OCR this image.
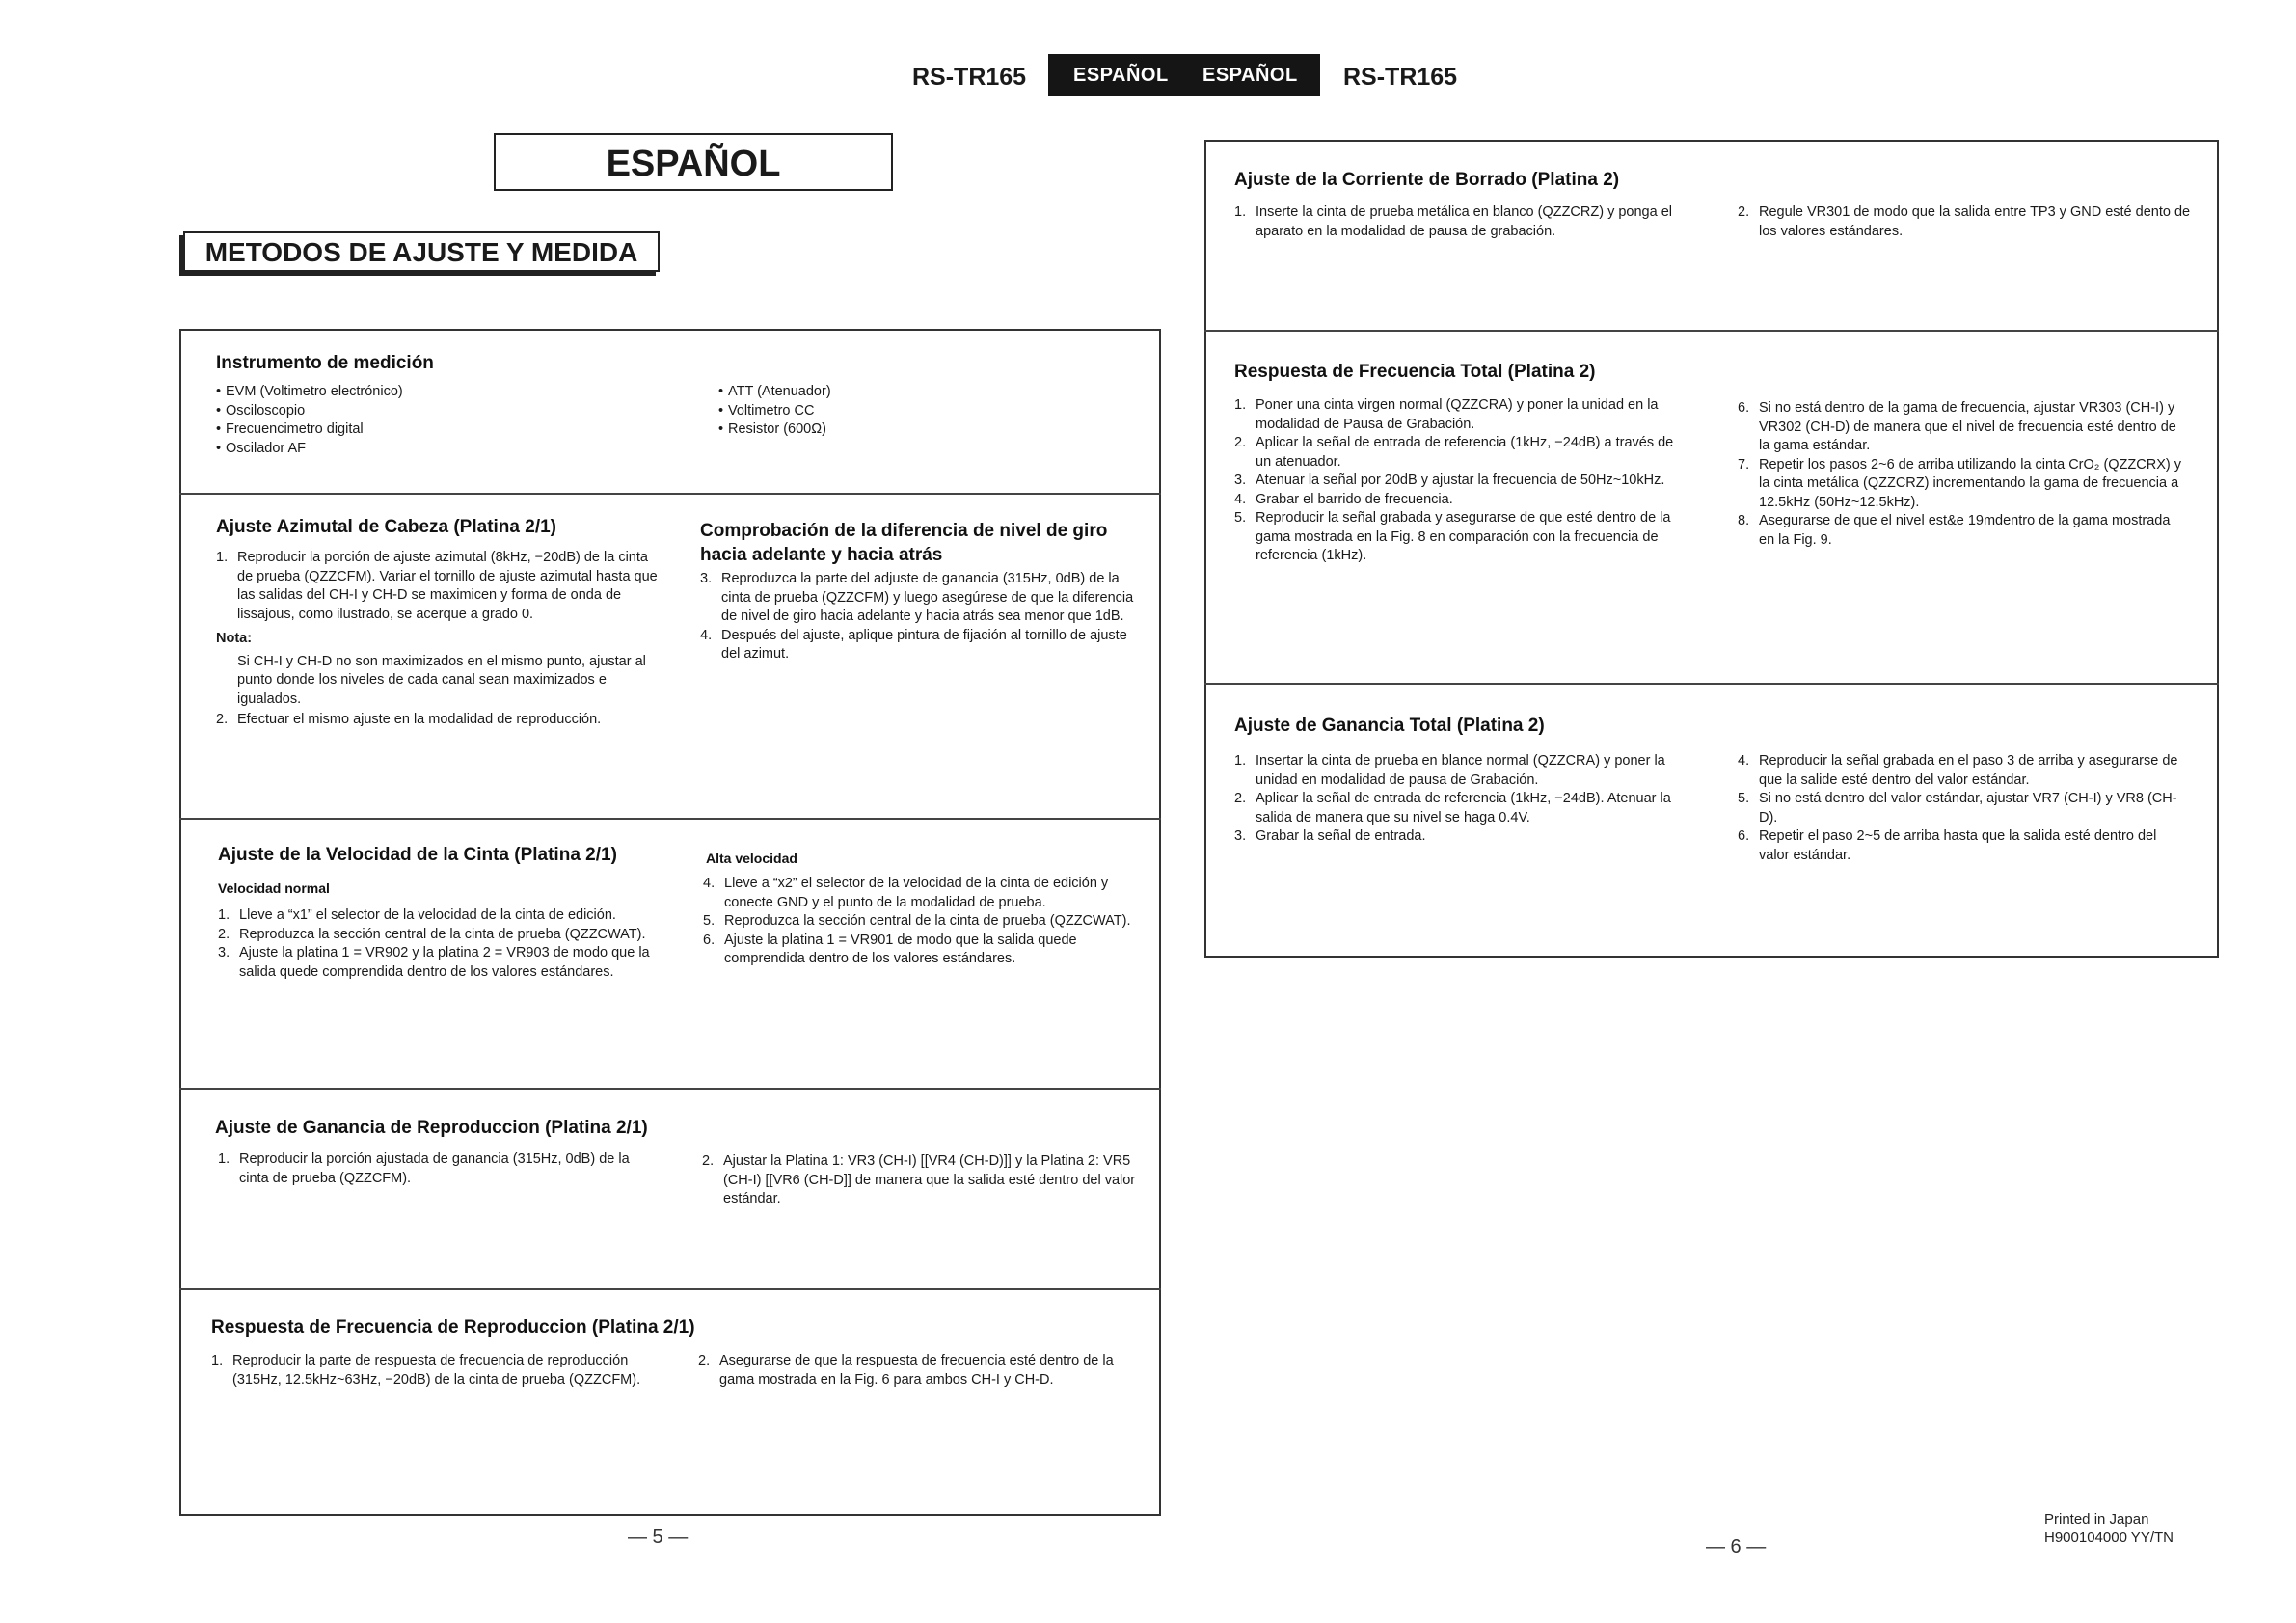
RS-TR165 ESPAÑOL ESPAÑOL RS-TR165
ESPAÑOL
METODOS DE AJUSTE Y MEDIDA
Instrumento de medición
• EVM (Voltimetro electrónico)
• Osciloscopio
• Frecuencimetro digital
• Oscilador AF
• ATT (Atenuador)
• Voltimetro CC
• Resistor (600Ω)
Ajuste Azimutal de Cabeza (Platina 2/1)
1. Reproducir la porción de ajuste azimutal (8kHz, −20dB) de la cinta de prueba (QZZCFM). Variar el tornillo de ajuste azimutal hasta que las salidas del CH-I y CH-D se maximicen y forma de onda de lissajous, como ilustrado, se acerque a grado 0.
Nota:
Si CH-I y CH-D no son maximizados en el mismo punto, ajustar al punto donde los niveles de cada canal sean maximizados e igualados.
2. Efectuar el mismo ajuste en la modalidad de reproducción.
Comprobación de la diferencia de nivel de giro hacia adelante y hacia atrás
3. Reproduzca la parte del adjuste de ganancia (315Hz, 0dB) de la cinta de prueba (QZZCFM) y luego asegúrese de que la diferencia de nivel de giro hacia adelante y hacia atrás sea menor que 1dB.
4. Después del ajuste, aplique pintura de fijación al tornillo de ajuste del azimut.
Ajuste de la Velocidad de la Cinta (Platina 2/1)
Velocidad normal
1. Lleve a “x1” el selector de la velocidad de la cinta de edición.
2. Reproduzca la sección central de la cinta de prueba (QZZCWAT).
3. Ajuste la platina 1 = VR902 y la platina 2 = VR903 de modo que la salida quede comprendida dentro de los valores estándares.
Alta velocidad
4. Lleve a “x2” el selector de la velocidad de la cinta de edición y conecte GND y el punto de la modalidad de prueba.
5. Reproduzca la sección central de la cinta de prueba (QZZCWAT).
6. Ajuste la platina 1 = VR901 de modo que la salida quede comprendida dentro de los valores estándares.
Ajuste de Ganancia de Reproduccion (Platina 2/1)
1. Reproducir la porción ajustada de ganancia (315Hz, 0dB) de la cinta de prueba (QZZCFM).
2. Ajustar la Platina 1: VR3 (CH-I) [[VR4 (CH-D)]] y la Platina 2: VR5 (CH-I) [[VR6 (CH-D]] de manera que la salida esté dentro del valor estándar.
Respuesta de Frecuencia de Reproduccion (Platina 2/1)
1. Reproducir la parte de respuesta de frecuencia de reproducción (315Hz, 12.5kHz~63Hz, −20dB) de la cinta de prueba (QZZCFM).
2. Asegurarse de que la respuesta de frecuencia esté dentro de la gama mostrada en la Fig. 6 para ambos CH-I y CH-D.
Ajuste de la Corriente de Borrado (Platina 2)
1. Inserte la cinta de prueba metálica en blanco (QZZCRZ) y ponga el aparato en la modalidad de pausa de grabación.
2. Regule VR301 de modo que la salida entre TP3 y GND esté dento de los valores estándares.
Respuesta de Frecuencia Total (Platina 2)
1. Poner una cinta virgen normal (QZZCRA) y poner la unidad en la modalidad de Pausa de Grabación.
2. Aplicar la señal de entrada de referencia (1kHz, −24dB) a través de un atenuador.
3. Atenuar la señal por 20dB y ajustar la frecuencia de 50Hz~10kHz.
4. Grabar el barrido de frecuencia.
5. Reproducir la señal grabada y asegurarse de que esté dentro de la gama mostrada en la Fig. 8 en comparación con la frecuencia de referencia (1kHz).
6. Si no está dentro de la gama de frecuencia, ajustar VR303 (CH-I) y VR302 (CH-D) de manera que el nivel de frecuencia esté dentro de la gama estándar.
7. Repetir los pasos 2~6 de arriba utilizando la cinta CrO₂ (QZZCRX) y la cinta metálica (QZZCRZ) incrementando la gama de frecuencia a 12.5kHz (50Hz~12.5kHz).
8. Asegurarse de que el nivel est&e 19mdentro de la gama mostrada en la Fig. 9.
Ajuste de Ganancia Total (Platina 2)
1. Insertar la cinta de prueba en blance normal (QZZCRA) y poner la unidad en modalidad de pausa de Grabación.
2. Aplicar la señal de entrada de referencia (1kHz, −24dB). Atenuar la salida de manera que su nivel se haga 0.4V.
3. Grabar la señal de entrada.
4. Reproducir la señal grabada en el paso 3 de arriba y asegurarse de que la salide esté dentro del valor estándar.
5. Si no está dentro del valor estándar, ajustar VR7 (CH-I) y VR8 (CH-D).
6. Repetir el paso 2~5 de arriba hasta que la salida esté dentro del valor estándar.
— 5 —	— 6 —
Printed in Japan
H900104000 YY/TN
